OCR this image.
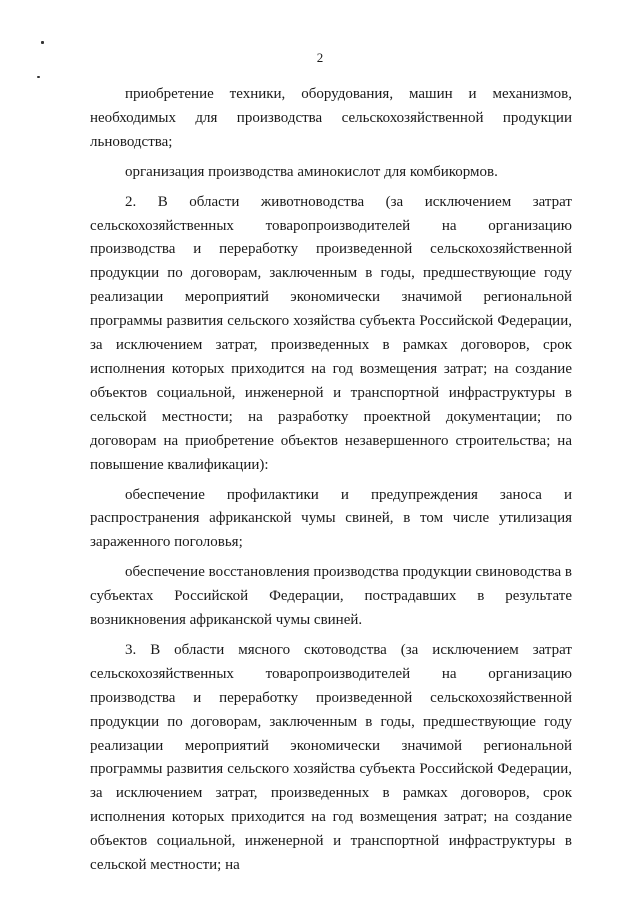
2

приобретение техники, оборудования, машин и механизмов, необходимых для производства сельскохозяйственной продукции льноводства;

организация производства аминокислот для комбикормов.

2. В области животноводства (за исключением затрат сельскохозяйственных товаропроизводителей на организацию производства и переработку произведенной сельскохозяйственной продукции по договорам, заключенным в годы, предшествующие году реализации мероприятий экономически значимой региональной программы развития сельского хозяйства субъекта Российской Федерации, за исключением затрат, произведенных в рамках договоров, срок исполнения которых приходится на год возмещения затрат; на создание объектов социальной, инженерной и транспортной инфраструктуры в сельской местности; на разработку проектной документации; по договорам на приобретение объектов незавершенного строительства; на повышение квалификации):

обеспечение профилактики и предупреждения заноса и распространения африканской чумы свиней, в том числе утилизация зараженного поголовья;

обеспечение восстановления производства продукции свиноводства в субъектах Российской Федерации, пострадавших в результате возникновения африканской чумы свиней.

3. В области мясного скотоводства (за исключением затрат сельскохозяйственных товаропроизводителей на организацию производства и переработку произведенной сельскохозяйственной продукции по договорам, заключенным в годы, предшествующие году реализации мероприятий экономически значимой региональной программы развития сельского хозяйства субъекта Российской Федерации, за исключением затрат, произведенных в рамках договоров, срок исполнения которых приходится на год возмещения затрат; на создание объектов социальной, инженерной и транспортной инфраструктуры в сельской местности; на
